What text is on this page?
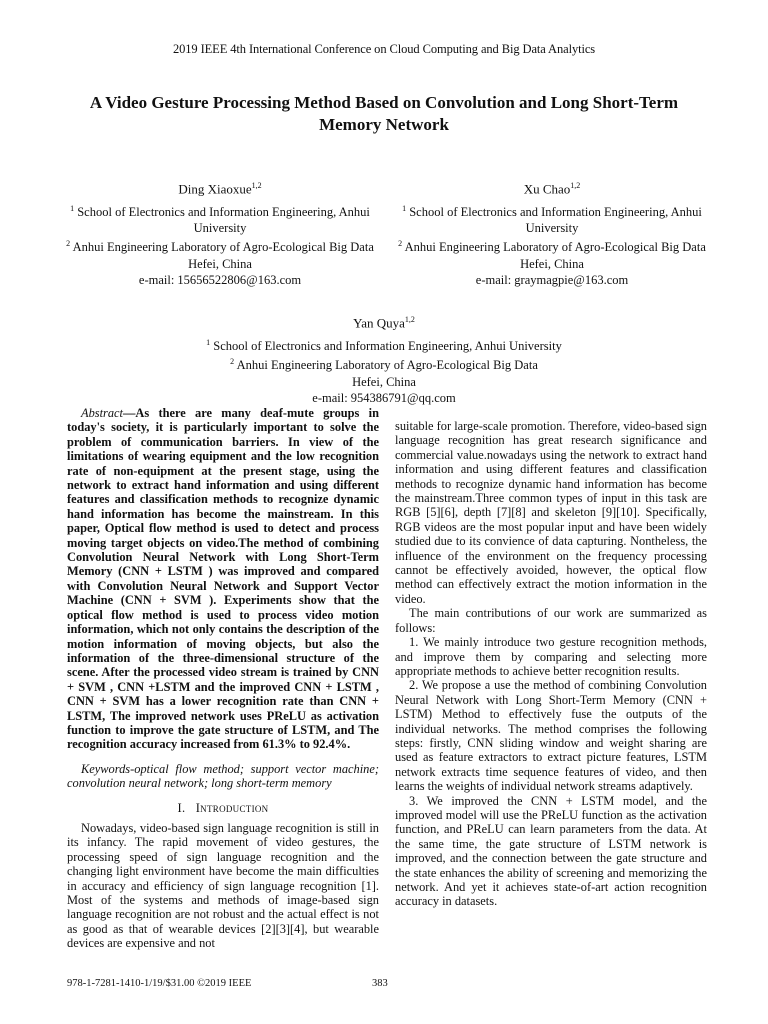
2019 IEEE 4th International Conference on Cloud Computing and Big Data Analytics
A Video Gesture Processing Method Based on Convolution and Long Short-Term Memory Network
Ding Xiaoxue$^{1,2}$
$^1$ School of Electronics and Information Engineering, Anhui University
$^2$ Anhui Engineering Laboratory of Agro-Ecological Big Data
Hefei, China
e-mail: 15656522806@163.com
Xu Chao$^{1,2}$
$^1$ School of Electronics and Information Engineering, Anhui University
$^2$ Anhui Engineering Laboratory of Agro-Ecological Big Data
Hefei, China
e-mail: graymagpie@163.com
Yan Quya$^{1,2}$
$^1$ School of Electronics and Information Engineering, Anhui University
$^2$ Anhui Engineering Laboratory of Agro-Ecological Big Data
Hefei, China
e-mail: 954386791@qq.com

Abstract—As there are many deaf-mute groups in today's society, it is particularly important to solve the problem of communication barriers. In view of the limitations of wearing equipment and the low recognition rate of non-equipment at the present stage, using the network to extract hand information and using different features and classification methods to recognize dynamic hand information has become the mainstream. In this paper, Optical flow method is used to detect and process moving target objects on video.The method of combining Convolution Neural Network with Long Short-Term Memory (CNN + LSTM ) was improved and compared with Convolution Neural Network and Support Vector Machine (CNN + SVM ). Experiments show that the optical flow method is used to process video motion information, which not only contains the description of the motion information of moving objects, but also the information of the three-dimensional structure of the scene. After the processed video stream is trained by CNN + SVM , CNN +LSTM and the improved CNN + LSTM , CNN + SVM has a lower recognition rate than CNN + LSTM, The improved network uses PReLU as activation function to improve the gate structure of LSTM, and The recognition accuracy increased from 61.3% to 92.4%.

Keywords-optical flow method; support vector machine; convolution neural network; long short-term memory

I. Introduction

Nowadays, video-based sign language recognition is still in its infancy. The rapid movement of video gestures, the processing speed of sign language recognition and the changing light environment have become the main difficulties in accuracy and efficiency of sign language recognition [1]. Most of the systems and methods of image-based sign language recognition are not robust and the actual effect is not as good as that of wearable devices [2][3][4], but wearable devices are expensive and not

suitable for large-scale promotion. Therefore, video-based sign language recognition has great research significance and commercial value.nowadays using the network to extract hand information and using different features and classification methods to recognize dynamic hand information has become the mainstream.Three common types of input in this task are RGB [5][6], depth [7][8] and skeleton [9][10]. Specifically, RGB videos are the most popular input and have been widely studied due to its convience of data capturing. Nontheless, the influence of the environment on the frequency processing cannot be effectively avoided, however, the optical flow method can effectively extract the motion information in the video.

The main contributions of our work are summarized as follows:

1. We mainly introduce two gesture recognition methods, and improve them by comparing and selecting more appropriate methods to achieve better recognition results.

2. We propose a use the method of combining Convolution Neural Network with Long Short-Term Memory (CNN + LSTM) Method to effectively fuse the outputs of the individual networks. The method comprises the following steps: firstly, CNN sliding window and weight sharing are used as feature extractors to extract picture features, LSTM network extracts time sequence features of video, and then learns the weights of individual network streams adaptively.

3. We improved the CNN + LSTM model, and the improved model will use the PReLU function as the activation function, and PReLU can learn parameters from the data. At the same time, the gate structure of LSTM network is improved, and the connection between the gate structure and the state enhances the ability of screening and memorizing the network. And yet it achieves state-of-art action recognition accuracy in datasets.

978-1-7281-1410-1/19/$31.00 ©2019 IEEE	383
